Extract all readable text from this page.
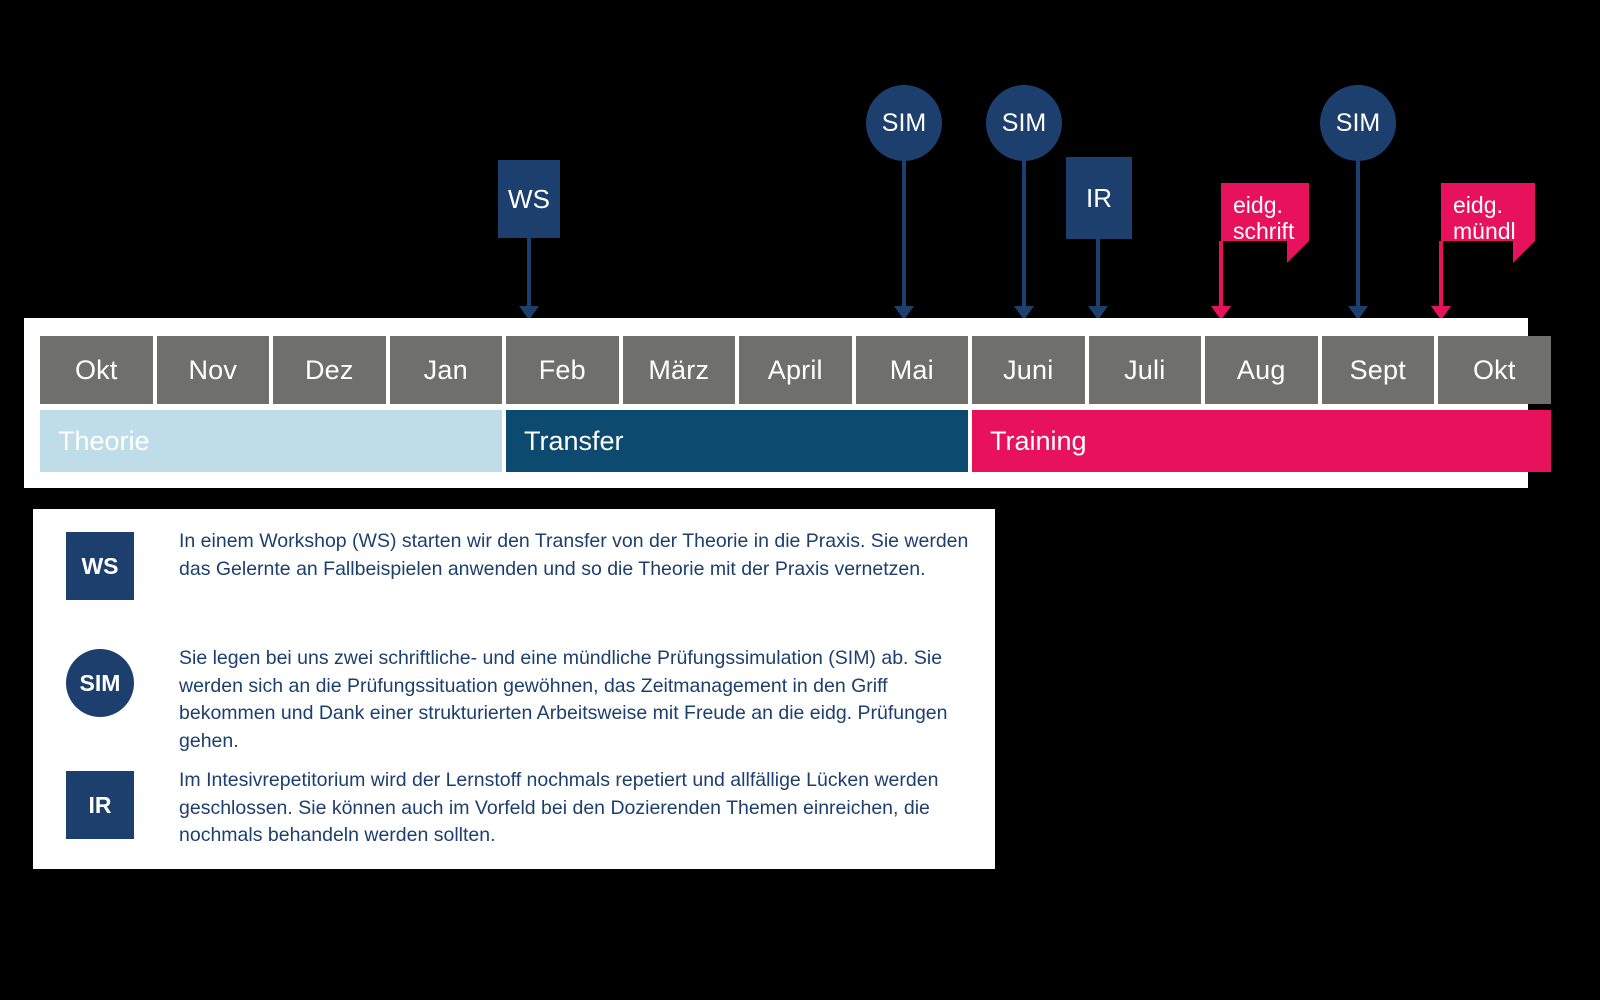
WS
SIM	SIM
IR	eidg.
schrift
SIM
eidg.
mündl
Okt	Nov	Dez	Jan	Feb	März	April	Mai	Juni	Juli	Aug	Sept	Okt
Theorie	Transfer	Training
WS
In einem Workshop (WS) starten wir den Transfer von der Theorie in die Praxis. Sie werden das Gelernte an Fallbeispielen anwenden und so die Theorie mit der Praxis vernetzen.
SIM
Sie legen bei uns zwei schriftliche- und eine mündliche Prüfungssimulation (SIM) ab. Sie werden sich an die Prüfungssituation gewöhnen, das Zeitmanagement in den Griff bekommen und Dank einer strukturierten Arbeitsweise mit Freude an die eidg. Prüfungen gehen.
IR
Im Intesivrepetitorium wird der Lernstoff nochmals repetiert und allfällige Lücken werden geschlossen. Sie können auch im Vorfeld bei den Dozierenden Themen einreichen, die nochmals behandeln werden sollten.
